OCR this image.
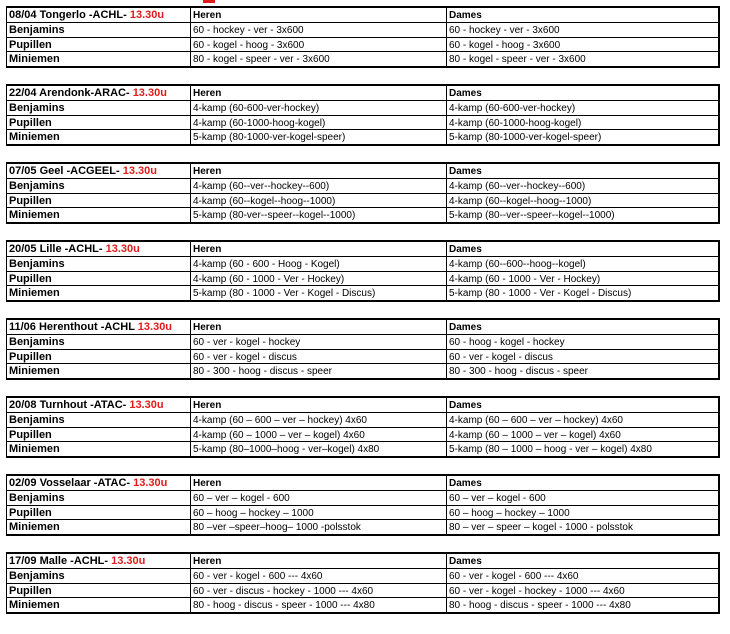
08/04 Tongerlo -ACHL- 13.30u	Heren	Dames
Benjamins	60 - hockey - ver - 3x600	60 - hockey - ver - 3x600
Pupillen	60 - kogel - hoog - 3x600	60 - kogel - hoog - 3x600
Miniemen	80 - kogel - speer - ver - 3x600	80 - kogel - speer - ver - 3x600
22/04 Arendonk-ARAC- 13.30u	Heren	Dames
Benjamins	4-kamp (60-600-ver-hockey)	4-kamp (60-600-ver-hockey)
Pupillen	4-kamp (60-1000-hoog-kogel)	4-kamp (60-1000-hoog-kogel)
Miniemen	5-kamp (80-1000-ver-kogel-speer)	5-kamp (80-1000-ver-kogel-speer)
07/05 Geel -ACGEEL- 13.30u	Heren	Dames
Benjamins	4-kamp (60--ver--hockey--600)	4-kamp (60--ver--hockey--600)
Pupillen	4-kamp (60--kogel--hoog--1000)	4-kamp (60--kogel--hoog--1000)
Miniemen	5-kamp (80-ver--speer--kogel--1000)	5-kamp (80--ver--speer--kogel--1000)
20/05 Lille -ACHL- 13.30u	Heren	Dames
Benjamins	4-kamp (60 - 600 - Hoog - Kogel)	4-kamp (60--600--hoog--kogel)
Pupillen	4-kamp (60 - 1000 - Ver - Hockey)	4-kamp (60 - 1000 - Ver - Hockey)
Miniemen	5-kamp (80 - 1000 - Ver - Kogel - Discus)	5-kamp (80 - 1000 - Ver - Kogel - Discus)
11/06 Herenthout -ACHL 13.30u	Heren	Dames
Benjamins	60 - ver - kogel - hockey	60 - hoog - kogel - hockey
Pupillen	60 - ver - kogel - discus	60 - ver - kogel - discus
Miniemen	80 - 300 - hoog - discus - speer	80 - 300 - hoog - discus - speer
20/08 Turnhout -ATAC- 13.30u	Heren	Dames
Benjamins	4-kamp (60 – 600 – ver – hockey) 4x60	4-kamp (60 – 600 – ver – hockey) 4x60
Pupillen	4-kamp (60 – 1000 – ver – kogel) 4x60	4-kamp (60 – 1000 – ver – kogel) 4x60
Miniemen	5-kamp (80–1000–hoog - ver–kogel) 4x80	5-kamp (80 – 1000 – hoog - ver – kogel) 4x80
02/09 Vosselaar -ATAC- 13.30u	Heren	Dames
Benjamins	60 – ver – kogel - 600	60 – ver – kogel - 600
Pupillen	60 – hoog – hockey – 1000	60 – hoog – hockey – 1000
Miniemen	80 –ver –speer–hoog– 1000 -polsstok	80 – ver – speer – kogel - 1000 - polsstok
17/09 Malle -ACHL- 13.30u	Heren	Dames
Benjamins	60 - ver - kogel - 600 --- 4x60	60 - ver - kogel - 600 --- 4x60
Pupillen	60 - ver - discus - hockey - 1000 --- 4x60	60 - ver - kogel - hockey - 1000 --- 4x60
Miniemen	80 - hoog - discus - speer - 1000 --- 4x80	80 - hoog - discus - speer - 1000 --- 4x80
